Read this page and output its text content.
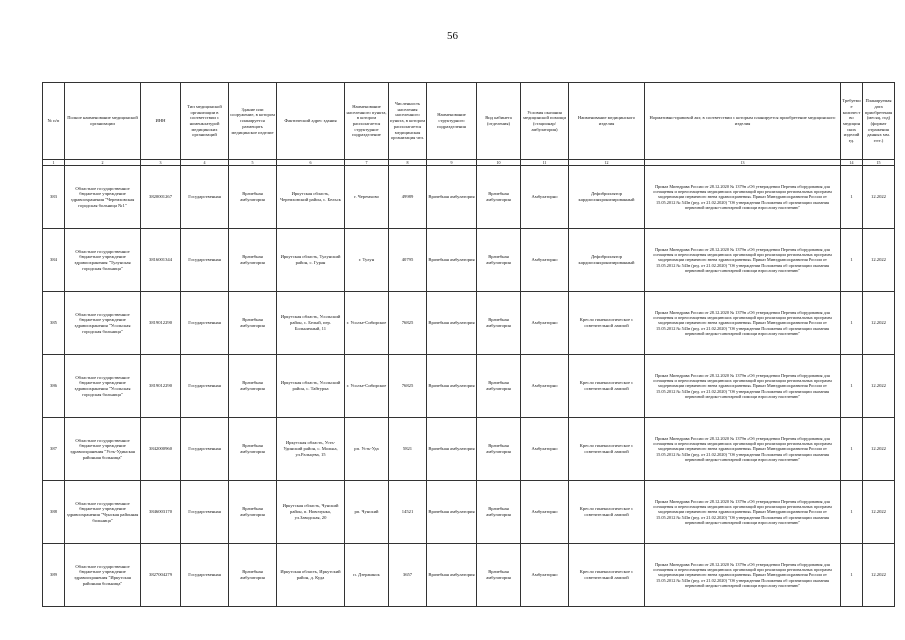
56
№ п/п	Полное наименование медицинской организации	ИНН	Тип медицинской организации в соответствии с номенклатурой медицинских организаций	Здание или сооружение, в котором планируется размещать медицинское изделие	Фактический адрес здания	Наименование населенного пункта, в котором располагается структурное подразделение	Численность населения населенного пункта, в котором располагается медицинская организация чел.	Наименование структурного подразделения	Вид кабинета (отделения)	Условия оказания медицинской помощи (стационар/амбулатория)	Наименование медицинского изделия	Нормативно-правовой акт, в соответствии с которым планируется приобретение медицинского изделия	Требуемое количество медицинских изделий ед.	Планируемая дата приобретения (месяц, год) (формат отражения данных мм. гггг.)
1	2	3	4	5	6	7	8	9	10	11	12	13	14	15
383	Областное государственное бюджетное учреждение здравоохранения "Черемховская городская больница №1"	3820001267	Государственная	Врачебная амбулатория	Иркутская область, Черемховский район, с. Бельск	г. Черемхово	49989	Врачебная амбулатория	Врачебная амбулатория	Амбулаторно	Дефибриллятор кардиосинхронизированный	Приказ Минздрава России от 28.12.2020 № 1379н «Об утверждении Перечня оборудования для оснащения и переоснащения медицинских организаций при реализации региональных программ модернизации первичного звена здравоохранения» Приказ Минздравсоцразвития России от 15.05.2012 № 543н (ред. от 21.02.2020) "Об утверждении Положения об организации оказания первичной медико-санитарной помощи взрослому населению"	1	12.2022
384	Областное государственное бюджетное учреждение здравоохранения "Тулунская городская больница"	3816001344	Государственная	Врачебная амбулатория	Иркутская область, Тулунский район, с. Гуран	г. Тулун	40795	Врачебная амбулатория	Врачебная амбулатория	Амбулаторно	Дефибриллятор кардиосинхронизированный	Приказ Минздрава России от 28.12.2020 № 1379н «Об утверждении Перечня оборудования для оснащения и переоснащения медицинских организаций при реализации региональных программ модернизации первичного звена здравоохранения» Приказ Минздравсоцразвития России от 15.05.2012 № 543н (ред. от 21.02.2020) "Об утверждении Положения об организации оказания первичной медико-санитарной помощи взрослому населению"	1	12.2022
385	Областное государственное бюджетное учреждение здравоохранения "Усольская городская больница"	3819012290	Государственная	Врачебная амбулатория	Иркутская область, Усольский район, с. Белый, пер. Больничный, 11	г. Усолье-Сибирское	76825	Врачебная амбулатория	Врачебная амбулатория	Амбулаторно	Кресло гинекологическое с осветительной лампой	Приказ Минздрава России от 28.12.2020 № 1379н «Об утверждении Перечня оборудования для оснащения и переоснащения медицинских организаций при реализации региональных программ модернизации первичного звена здравоохранения» Приказ Минздравсоцразвития России от 15.05.2012 № 543н (ред. от 21.02.2020) "Об утверждении Положения об организации оказания первичной медико-санитарной помощи взрослому населению"	1	12.2022
386	Областное государственное бюджетное учреждение здравоохранения "Усольская городская больница"	3819012290	Государственная	Врачебная амбулатория	Иркутская область, Усольский район, с. Тайтурка	г. Усолье-Сибирское	76825	Врачебная амбулатория	Врачебная амбулатория	Амбулаторно	Кресло гинекологическое с осветительной лампой	Приказ Минздрава России от 28.12.2020 № 1379н «Об утверждении Перечня оборудования для оснащения и переоснащения медицинских организаций при реализации региональных программ модернизации первичного звена здравоохранения» Приказ Минздравсоцразвития России от 15.05.2012 № 543н (ред. от 21.02.2020) "Об утверждении Положения об организации оказания первичной медико-санитарной помощи взрослому населению"	1	12.2022
387	Областное государственное бюджетное учреждение здравоохранения "Усть-Удинская районная больница"	3842000960	Государственная	Врачебная амбулатория	Иркутская область, Усть-Удинский район, с. Молька, ул.Ральцева, 15	рп. Усть-Уда	5821	Врачебная амбулатория	Врачебная амбулатория	Амбулаторно	Кресло гинекологическое с осветительной лампой	Приказ Минздрава России от 28.12.2020 № 1379н «Об утверждении Перечня оборудования для оснащения и переоснащения медицинских организаций при реализации региональных программ модернизации первичного звена здравоохранения» Приказ Минздравсоцразвития России от 15.05.2012 № 543н (ред. от 21.02.2020) "Об утверждении Положения об организации оказания первичной медико-санитарной помощи взрослому населению"	1	12.2022
388	Областное государственное бюджетное учреждение здравоохранения "Чунская районная больница"	3846003170	Государственная	Врачебная амбулатория	Иркутская область, Чунский район, п. Новочунка, ул.Заводская, 20	рп. Чунский	14521	Врачебная амбулатория	Врачебная амбулатория	Амбулаторно	Кресло гинекологическое с осветительной лампой	Приказ Минздрава России от 28.12.2020 № 1379н «Об утверждении Перечня оборудования для оснащения и переоснащения медицинских организаций при реализации региональных программ модернизации первичного звена здравоохранения» Приказ Минздравсоцразвития России от 15.05.2012 № 543н (ред. от 21.02.2020) "Об утверждении Положения об организации оказания первичной медико-санитарной помощи взрослому населению"	1	12.2022
389	Областное государственное бюджетное учреждение здравоохранения "Иркутская районная больница"	3827004279	Государственная	Врачебная амбулатория	Иркутская область, Иркутский район, д. Куда	п. Дзержинск	3657	Врачебная амбулатория	Врачебная амбулатория	Амбулаторно	Кресло гинекологическое с осветительной лампой	Приказ Минздрава России от 28.12.2020 № 1379н «Об утверждении Перечня оборудования для оснащения и переоснащения медицинских организаций при реализации региональных программ модернизации первичного звена здравоохранения» Приказ Минздравсоцразвития России от 15.05.2012 № 543н (ред. от 21.02.2020) "Об утверждении Положения об организации оказания первичной медико-санитарной помощи взрослому населению"	1	12.2022
